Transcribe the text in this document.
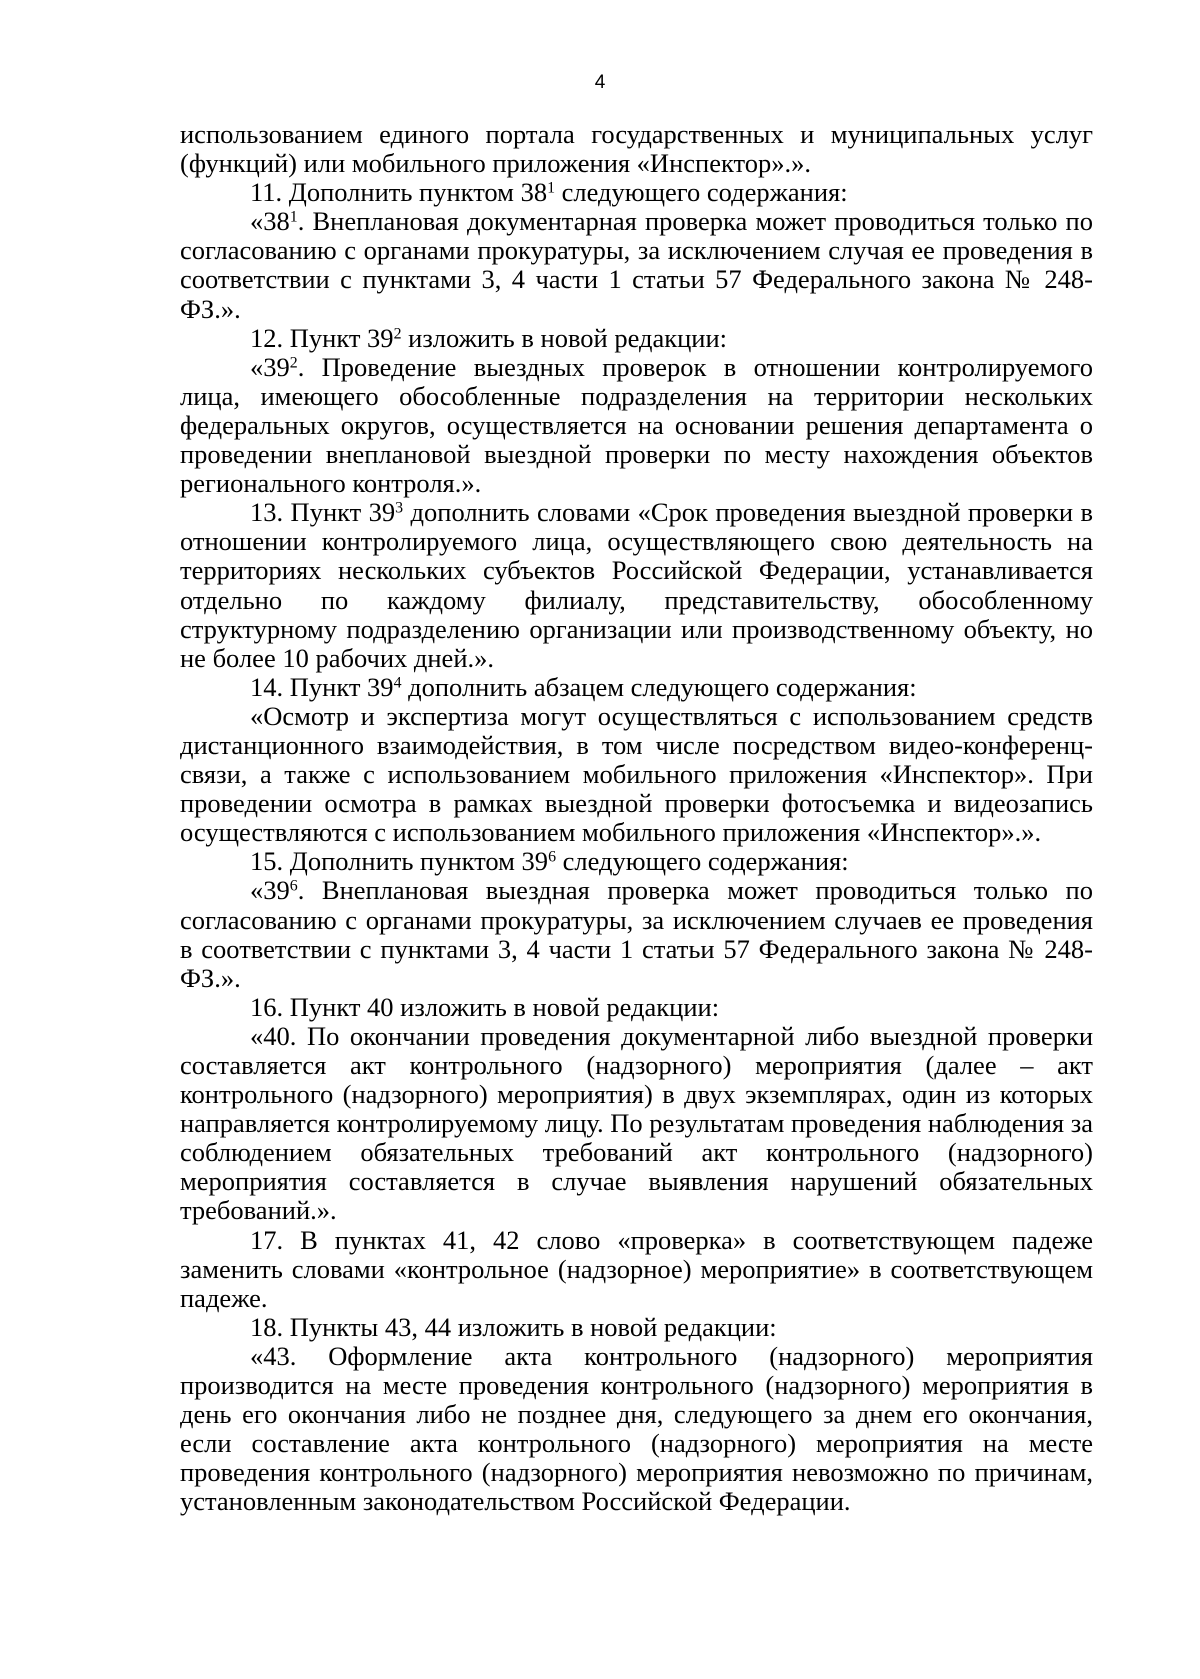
4

использованием единого портала государственных и муниципальных услуг (функций) или мобильного приложения «Инспектор».».

11. Дополнить пунктом $38^1$ следующего содержания:

«$38^1$. Внеплановая документарная проверка может проводиться только по согласованию с органами прокуратуры, за исключением случая ее проведения в соответствии с пунктами 3, 4 части 1 статьи 57 Федерального закона № 248-ФЗ.».

12. Пункт $39^2$ изложить в новой редакции:

«$39^2$. Проведение выездных проверок в отношении контролируемого лица, имеющего обособленные подразделения на территории нескольких федеральных округов, осуществляется на основании решения департамента о проведении внеплановой выездной проверки по месту нахождения объектов регионального контроля.».

13. Пункт $39^3$ дополнить словами «Срок проведения выездной проверки в отношении контролируемого лица, осуществляющего свою деятельность на территориях нескольких субъектов Российской Федерации, устанавливается отдельно по каждому филиалу, представительству, обособленному структурному подразделению организации или производственному объекту, но не более 10 рабочих дней.».

14. Пункт $39^4$ дополнить абзацем следующего содержания:

«Осмотр и экспертиза могут осуществляться с использованием средств дистанционного взаимодействия, в том числе посредством видео-конференц-связи, а также с использованием мобильного приложения «Инспектор». При проведении осмотра в рамках выездной проверки фотосъемка и видеозапись осуществляются с использованием мобильного приложения «Инспектор».».

15. Дополнить пунктом $39^6$ следующего содержания:

«$39^6$. Внеплановая выездная проверка может проводиться только по согласованию с органами прокуратуры, за исключением случаев ее проведения в соответствии с пунктами 3, 4 части 1 статьи 57 Федерального закона № 248-ФЗ.».

16. Пункт 40 изложить в новой редакции:

«40. По окончании проведения документарной либо выездной проверки составляется акт контрольного (надзорного) мероприятия (далее – акт контрольного (надзорного) мероприятия) в двух экземплярах, один из которых направляется контролируемому лицу. По результатам проведения наблюдения за соблюдением обязательных требований акт контрольного (надзорного) мероприятия составляется в случае выявления нарушений обязательных требований.».

17. В пунктах 41, 42 слово «проверка» в соответствующем падеже заменить словами «контрольное (надзорное) мероприятие» в соответствующем падеже.

18. Пункты 43, 44 изложить в новой редакции:

«43. Оформление акта контрольного (надзорного) мероприятия производится на месте проведения контрольного (надзорного) мероприятия в день его окончания либо не позднее дня, следующего за днем его окончания, если составление акта контрольного (надзорного) мероприятия на месте проведения контрольного (надзорного) мероприятия невозможно по причинам, установленным законодательством Российской Федерации.
